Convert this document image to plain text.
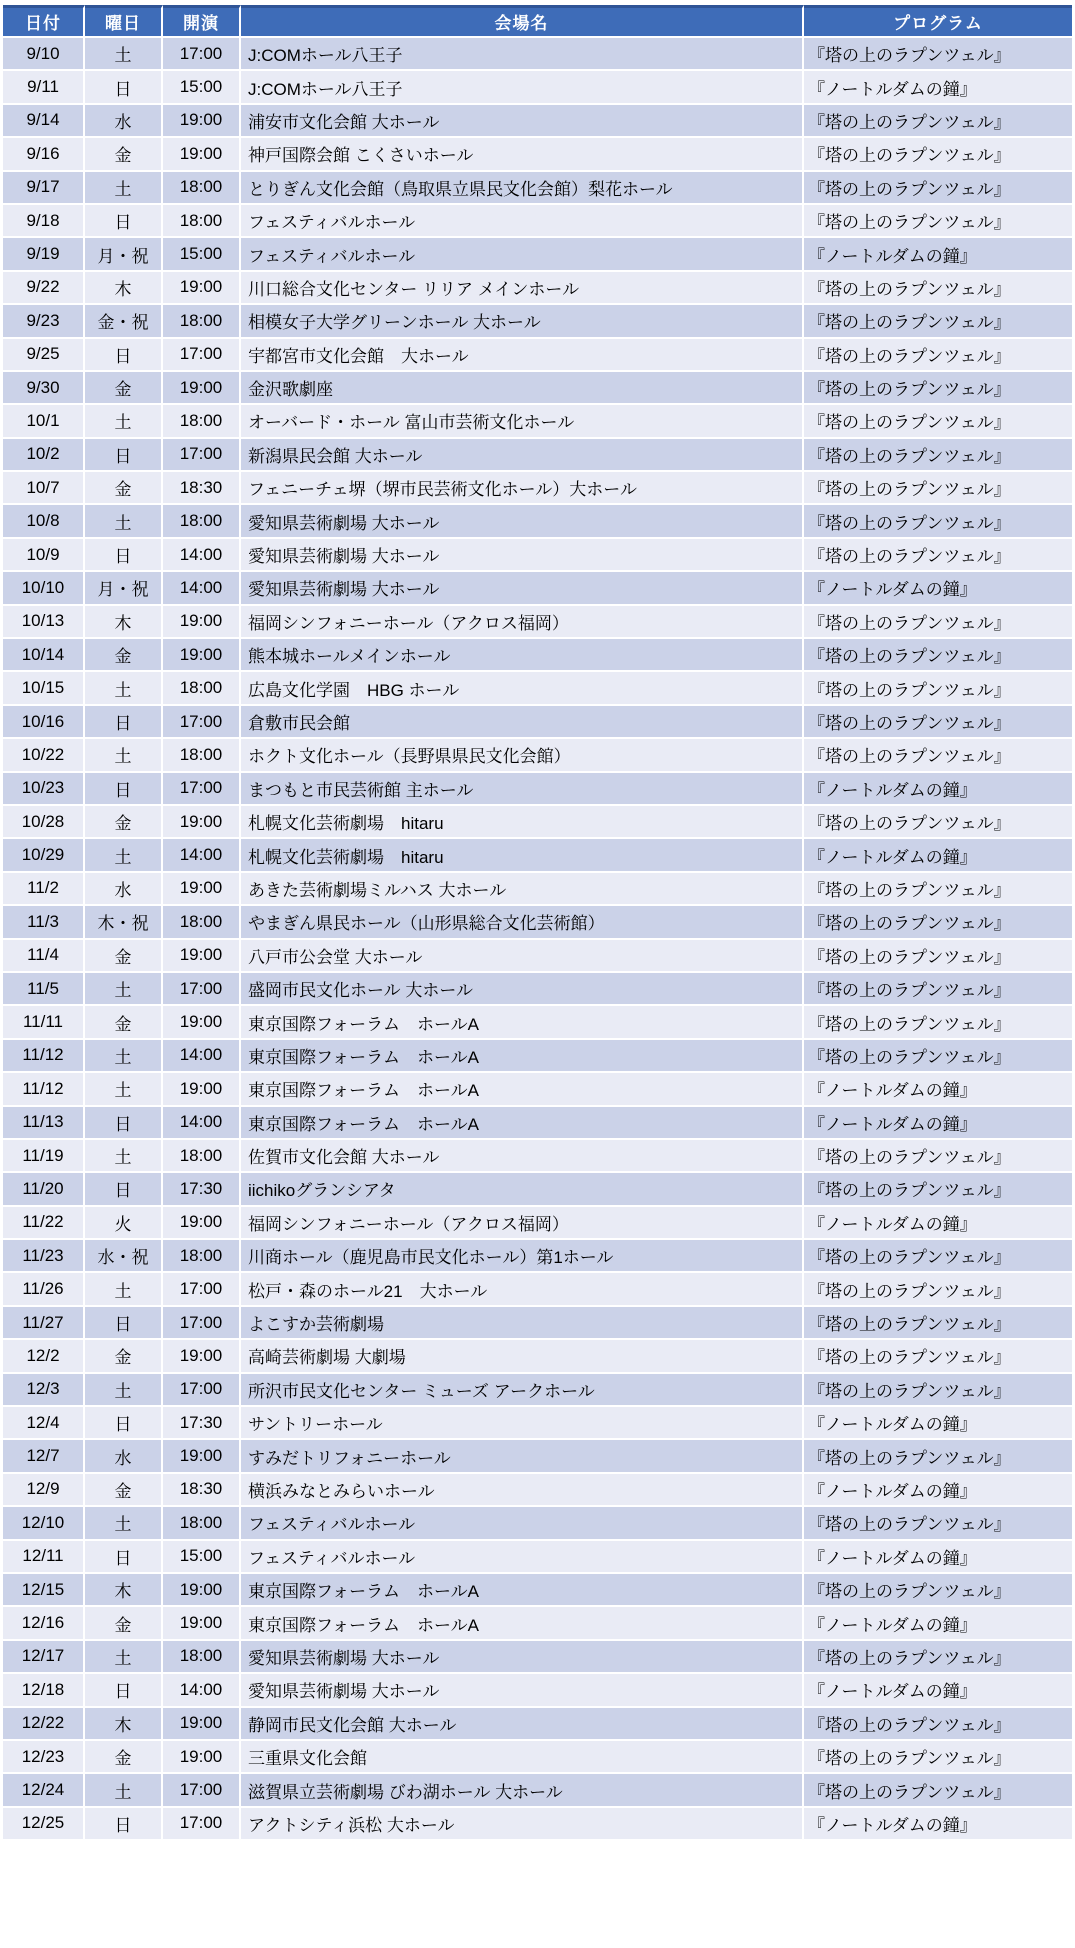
日付	曜日	開演	会場名	プログラム
9/10	土	17:00	J:COMホール八王子	『塔の上のラプンツェル』
9/11	日	15:00	J:COMホール八王子	『ノートルダムの鐘』
9/14	水	19:00	浦安市文化会館 大ホール	『塔の上のラプンツェル』
9/16	金	19:00	神戸国際会館 こくさいホール	『塔の上のラプンツェル』
9/17	土	18:00	とりぎん文化会館（鳥取県立県民文化会館）梨花ホール	『塔の上のラプンツェル』
9/18	日	18:00	フェスティバルホール	『塔の上のラプンツェル』
9/19	月・祝	15:00	フェスティバルホール	『ノートルダムの鐘』
9/22	木	19:00	川口総合文化センター リリア メインホール	『塔の上のラプンツェル』
9/23	金・祝	18:00	相模女子大学グリーンホール 大ホール	『塔の上のラプンツェル』
9/25	日	17:00	宇都宮市文化会館　大ホール	『塔の上のラプンツェル』
9/30	金	19:00	金沢歌劇座	『塔の上のラプンツェル』
10/1	土	18:00	オーバード・ホール 富山市芸術文化ホール	『塔の上のラプンツェル』
10/2	日	17:00	新潟県民会館 大ホール	『塔の上のラプンツェル』
10/7	金	18:30	フェニーチェ堺（堺市民芸術文化ホール）大ホール	『塔の上のラプンツェル』
10/8	土	18:00	愛知県芸術劇場 大ホール	『塔の上のラプンツェル』
10/9	日	14:00	愛知県芸術劇場 大ホール	『塔の上のラプンツェル』
10/10	月・祝	14:00	愛知県芸術劇場 大ホール	『ノートルダムの鐘』
10/13	木	19:00	福岡シンフォニーホール（アクロス福岡）	『塔の上のラプンツェル』
10/14	金	19:00	熊本城ホールメインホール	『塔の上のラプンツェル』
10/15	土	18:00	広島文化学園　HBG ホール	『塔の上のラプンツェル』
10/16	日	17:00	倉敷市民会館	『塔の上のラプンツェル』
10/22	土	18:00	ホクト文化ホール（長野県県民文化会館）	『塔の上のラプンツェル』
10/23	日	17:00	まつもと市民芸術館 主ホール	『ノートルダムの鐘』
10/28	金	19:00	札幌文化芸術劇場　hitaru	『塔の上のラプンツェル』
10/29	土	14:00	札幌文化芸術劇場　hitaru	『ノートルダムの鐘』
11/2	水	19:00	あきた芸術劇場ミルハス 大ホール	『塔の上のラプンツェル』
11/3	木・祝	18:00	やまぎん県民ホール（山形県総合文化芸術館）	『塔の上のラプンツェル』
11/4	金	19:00	八戸市公会堂 大ホール	『塔の上のラプンツェル』
11/5	土	17:00	盛岡市民文化ホール 大ホール	『塔の上のラプンツェル』
11/11	金	19:00	東京国際フォーラム　ホールA	『塔の上のラプンツェル』
11/12	土	14:00	東京国際フォーラム　ホールA	『塔の上のラプンツェル』
11/12	土	19:00	東京国際フォーラム　ホールA	『ノートルダムの鐘』
11/13	日	14:00	東京国際フォーラム　ホールA	『ノートルダムの鐘』
11/19	土	18:00	佐賀市文化会館 大ホール	『塔の上のラプンツェル』
11/20	日	17:30	iichikoグランシアタ	『塔の上のラプンツェル』
11/22	火	19:00	福岡シンフォニーホール（アクロス福岡）	『ノートルダムの鐘』
11/23	水・祝	18:00	川商ホール（鹿児島市民文化ホール）第1ホール	『塔の上のラプンツェル』
11/26	土	17:00	松戸・森のホール21　大ホール	『塔の上のラプンツェル』
11/27	日	17:00	よこすか芸術劇場	『塔の上のラプンツェル』
12/2	金	19:00	高崎芸術劇場 大劇場	『塔の上のラプンツェル』
12/3	土	17:00	所沢市民文化センター ミューズ アークホール	『塔の上のラプンツェル』
12/4	日	17:30	サントリーホール	『ノートルダムの鐘』
12/7	水	19:00	すみだトリフォニーホール	『塔の上のラプンツェル』
12/9	金	18:30	横浜みなとみらいホール	『ノートルダムの鐘』
12/10	土	18:00	フェスティバルホール	『塔の上のラプンツェル』
12/11	日	15:00	フェスティバルホール	『ノートルダムの鐘』
12/15	木	19:00	東京国際フォーラム　ホールA	『塔の上のラプンツェル』
12/16	金	19:00	東京国際フォーラム　ホールA	『ノートルダムの鐘』
12/17	土	18:00	愛知県芸術劇場 大ホール	『塔の上のラプンツェル』
12/18	日	14:00	愛知県芸術劇場 大ホール	『ノートルダムの鐘』
12/22	木	19:00	静岡市民文化会館 大ホール	『塔の上のラプンツェル』
12/23	金	19:00	三重県文化会館	『塔の上のラプンツェル』
12/24	土	17:00	滋賀県立芸術劇場 びわ湖ホール 大ホール	『塔の上のラプンツェル』
12/25	日	17:00	アクトシティ浜松 大ホール	『ノートルダムの鐘』
